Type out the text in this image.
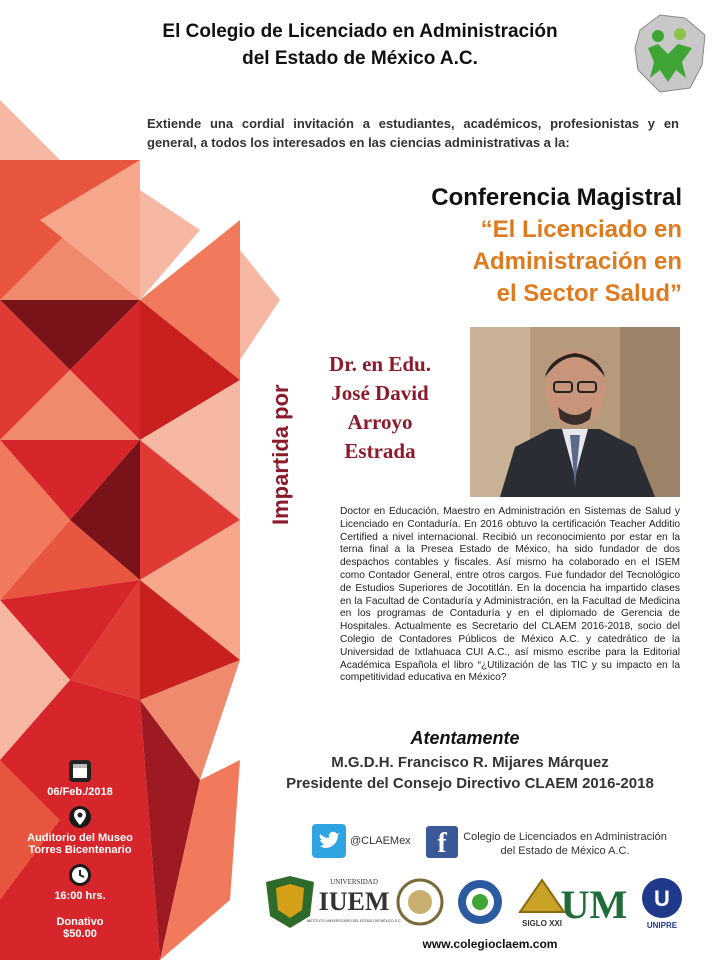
El Colegio de Licenciado en Administración
del Estado de México A.C.
Extiende una cordial invitación a estudiantes, académicos, profesionistas y en general, a todos los interesados en las ciencias administrativas a la:
Conferencia Magistral
“El Licenciado en
Administración en
el Sector Salud”
Impartida por
Dr. en Edu.
José David
Arroyo
Estrada
Doctor en Educación, Maestro en Administración en Sistemas de Salud y Licenciado en Contaduría. En 2016 obtuvo la certificación Teacher Additio Certified a nivel internacional. Recibió un reconocimiento por estar en la terna final a la Presea Estado de México, ha sido fundador de dos despachos contables y fiscales. Así mismo ha colaborado en el ISEM como Contador General, entre otros cargos. Fue fundador del Tecnológico de Estudios Superiores de Jocotitlán. En la docencia ha impartido clases en la Facultad de Contaduría y Administración, en la Facultad de Medicina en los programas de Contaduría y en el diplomado de Gerencia de Hospitales. Actualmente es Secretario del CLAEM 2016-2018, socio del Colegio de Contadores Públicos de México A.C. y catedrático de la Universidad de Ixtlahuaca CUI A.C., así mismo escribe para la Editorial Académica Española el libro “¿Utilización de las TIC y su impacto en la competitividad educativa en México?
Atentamente
M.G.D.H. Francisco R. Mijares Márquez
Presidente del Consejo Directivo CLAEM 2016-2018
06/Feb./2018
Auditorio del Museo
Torres Bicentenario
16:00 hrs.
Donativo
$50.00
@CLAEMex f	Colegio de Licenciados en Administración
del Estado de México A.C.
UNIVERSIDAD
IUEM
INSTITUTO UNIVERSITARIO DEL ESTADO DE MÉXICO S.C.	SIGLO XXI
UM U
UNIPRE
www.colegioclaem.com
